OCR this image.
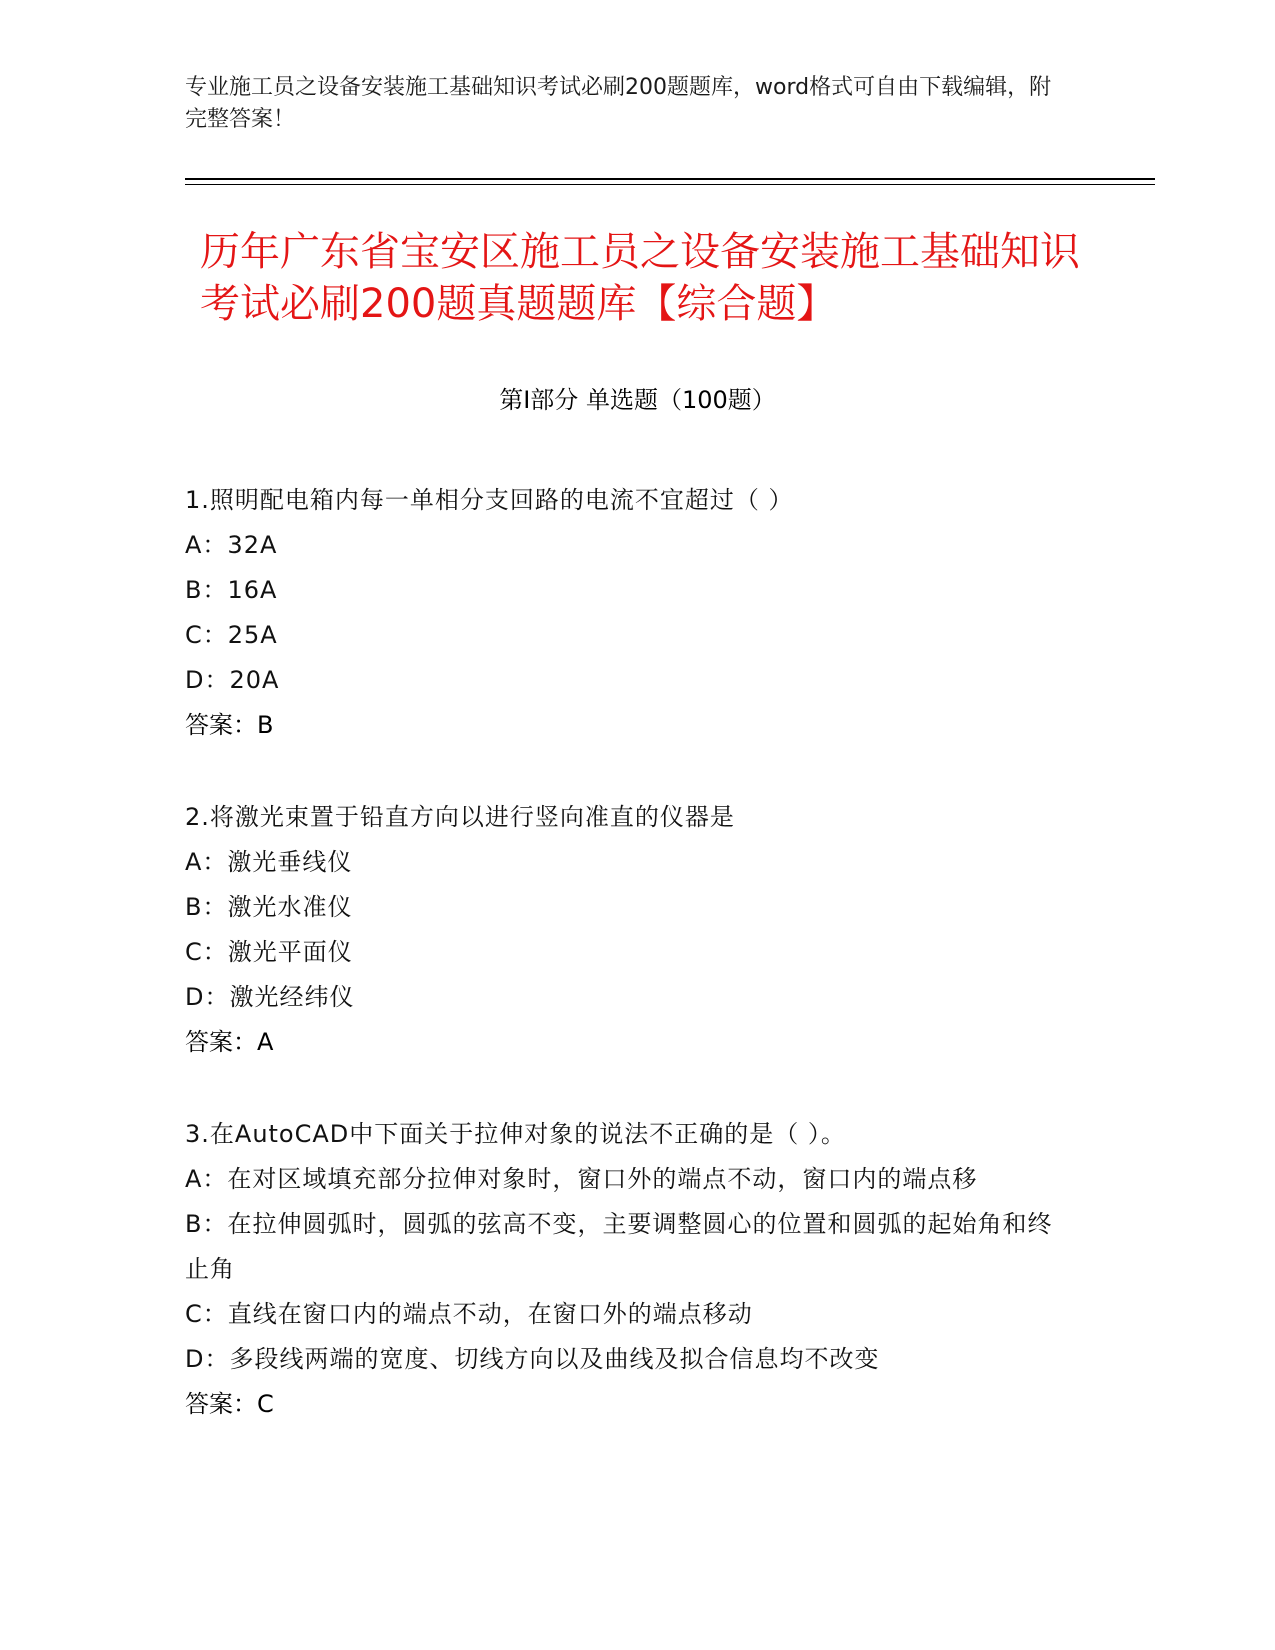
专业施工员之设备安装施工基础知识考试必刷200题题库，word格式可自由下载编辑，附完整答案！
历年广东省宝安区施工员之设备安装施工基础知识考试必刷200题真题题库【综合题】
第Ⅰ部分 单选题（100题）

1.照明配电箱内每一单相分支回路的电流不宜超过（ ）

A：32A

B：16A

C：25A

D：20A

答案：B

2.将激光束置于铅直方向以进行竖向准直的仪器是

A：激光垂线仪

B：激光水准仪

C：激光平面仪

D：激光经纬仪

答案：A

3.在AutoCAD中下面关于拉伸对象的说法不正确的是（ ）。

A：在对区域填充部分拉伸对象时，窗口外的端点不动，窗口内的端点移

B：在拉伸圆弧时，圆弧的弦高不变，主要调整圆心的位置和圆弧的起始角和终止角

C：直线在窗口内的端点不动，在窗口外的端点移动

D：多段线两端的宽度、切线方向以及曲线及拟合信息均不改变

答案：C
